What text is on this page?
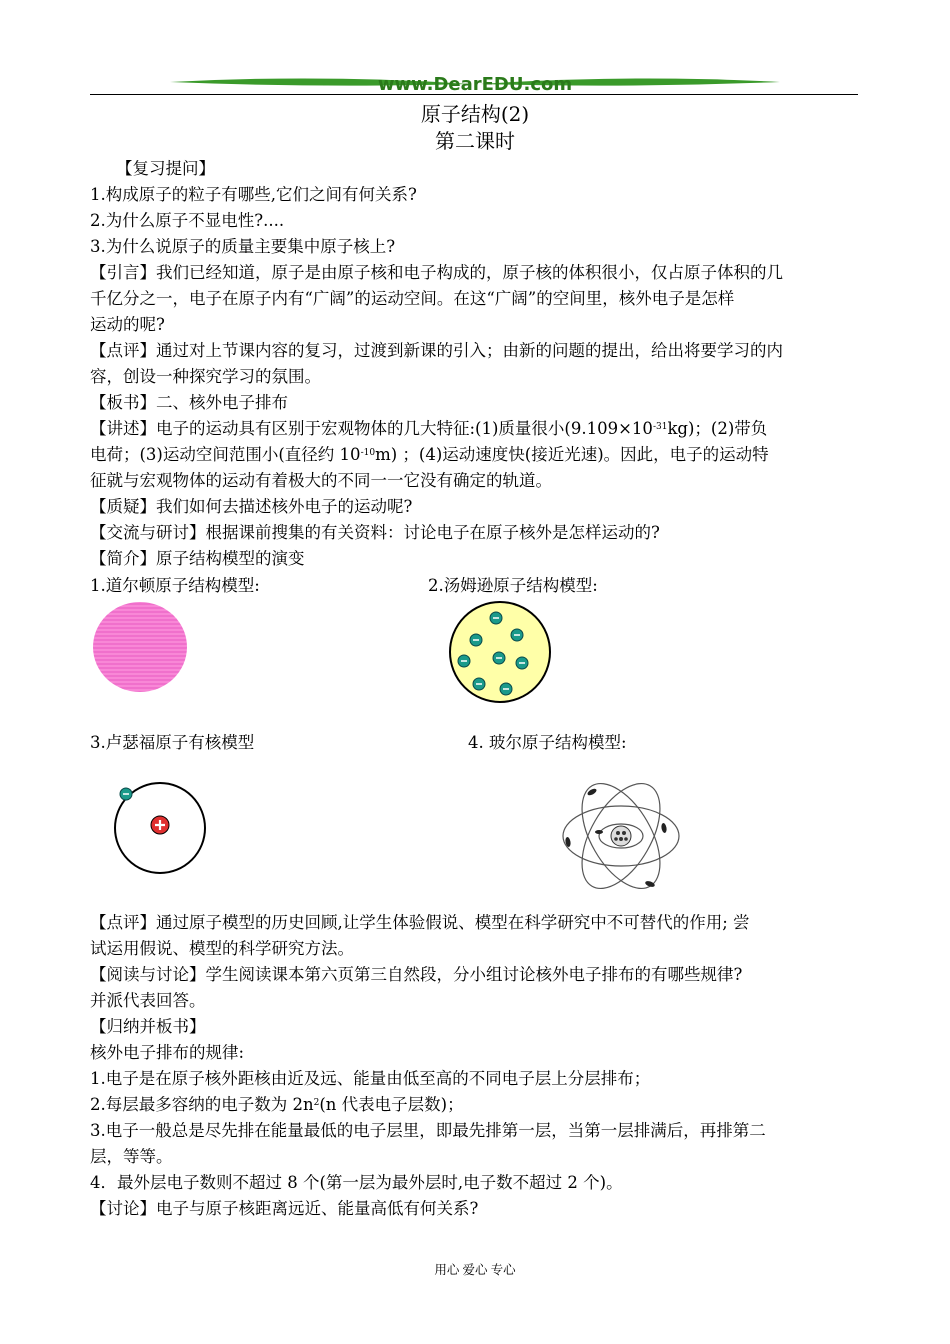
www.DearEDU.com
原子结构(2)
第二课时
【复习提问】
1.构成原子的粒子有哪些,它们之间有何关系?
2.为什么原子不显电性?....
3.为什么说原子的质量主要集中原子核上?
【引言】我们已经知道，原子是由原子核和电子构成的，原子核的体积很小，仅占原子体积的几
千亿分之一，电子在原子内有“广阔”的运动空间。在这“广阔”的空间里，核外电子是怎样
运动的呢?
【点评】通过对上节课内容的复习，过渡到新课的引入；由新的问题的提出，给出将要学习的内
容，创设一种探究学习的氛围。
【板书】二、核外电子排布
【讲述】电子的运动具有区别于宏观物体的几大特征:(1)质量很小$(9.109\times 10^{-31}kg)$；(2)带负
电荷；(3)运动空间范围小(直径约 $10^{-10}m$) ；(4)运动速度快(接近光速)。因此，电子的运动特
征就与宏观物体的运动有着极大的不同一一它没有确定的轨道。
【质疑】我们如何去描述核外电子的运动呢?
【交流与研讨】根据课前搜集的有关资料：讨论电子在原子核外是怎样运动的?
【简介】原子结构模型的演变
1.道尔顿原子结构模型:	2.汤姆逊原子结构模型:
3.卢瑟福原子有核模型	4. 玻尔原子结构模型:
【点评】通过原子模型的历史回顾,让学生体验假说、模型在科学研究中不可替代的作用; 尝
试运用假说、模型的科学研究方法。
【阅读与讨论】学生阅读课本第六页第三自然段，分小组讨论核外电子排布的有哪些规律?
并派代表回答。
【归纳并板书】
核外电子排布的规律:
1.电子是在原子核外距核由近及远、能量由低至高的不同电子层上分层排布；
2.每层最多容纳的电子数为 $2n^2(n$ 代表电子层数)；
3.电子一般总是尽先排在能量最低的电子层里，即最先排第一层，当第一层排满后，再排第二
层，等等。
4．最外层电子数则不超过 8 个(第一层为最外层时,电子数不超过 2 个)。
【讨论】电子与原子核距离远近、能量高低有何关系?
用心 爱心 专心
